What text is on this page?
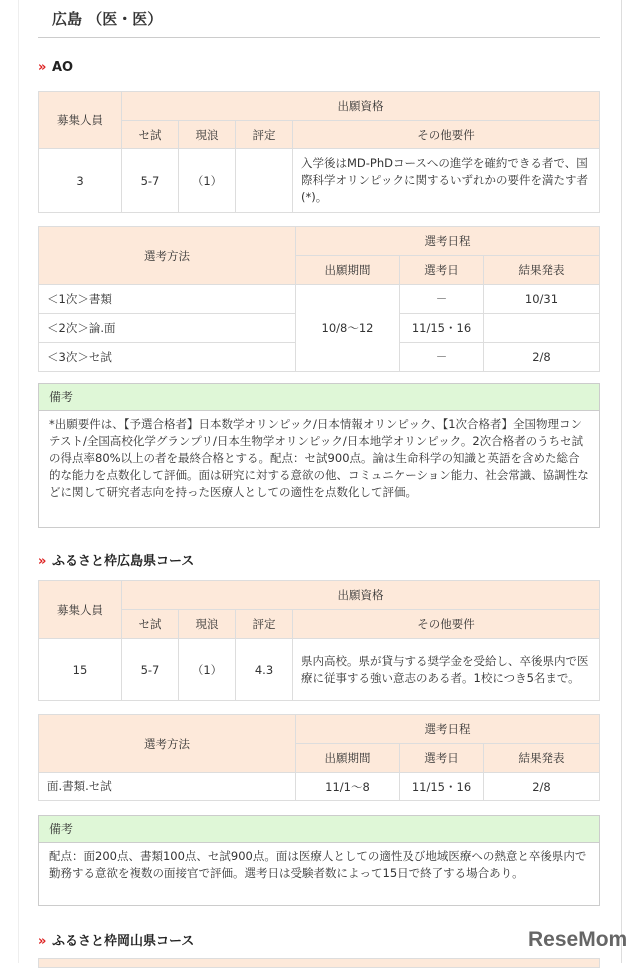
広島 （医・医）
» AO
募集人員	出願資格			
	セ試	現浪	評定	その他要件
3	5-7	（1）		入学後はMD-PhDコースへの進学を確約できる者で、国際科学オリンピックに関するいずれかの要件を満たす者(*)。
選考方法	選考日程		
	出願期間	選考日	結果発表
＜1次＞書類	10/8～12	－	10/31
＜2次＞論.面		11/15・16	
＜3次＞セ試		－	2/8
備考
*出願要件は、【予選合格者】日本数学オリンピック/日本情報オリンピック、【1次合格者】全国物理コンテスト/全国高校化学グランプリ/日本生物学オリンピック/日本地学オリンピック。2次合格者のうちセ試の得点率80%以上の者を最終合格とする。配点：セ試900点。論は生命科学の知識と英語を含めた総合的な能力を点数化して評価。面は研究に対する意欲の他、コミュニケーション能力、社会常識、協調性などに関して研究者志向を持った医療人としての適性を点数化して評価。
» ふるさと枠広島県コース
募集人員	出願資格			
	セ試	現浪	評定	その他要件
15	5-7	（1）	4.3	県内高校。県が貸与する奨学金を受給し、卒後県内で医療に従事する強い意志のある者。1校につき5名まで。
選考方法	選考日程		
	出願期間	選考日	結果発表
面.書類.セ試	11/1～8	11/15・16	2/8
備考
配点：面200点、書類100点、セ試900点。面は医療人としての適性及び地域医療への熱意と卒後県内で勤務する意欲を複数の面接官で評価。選考日は受験者数によって15日で終了する場合あり。
» ふるさと枠岡山県コース	ReseMom
